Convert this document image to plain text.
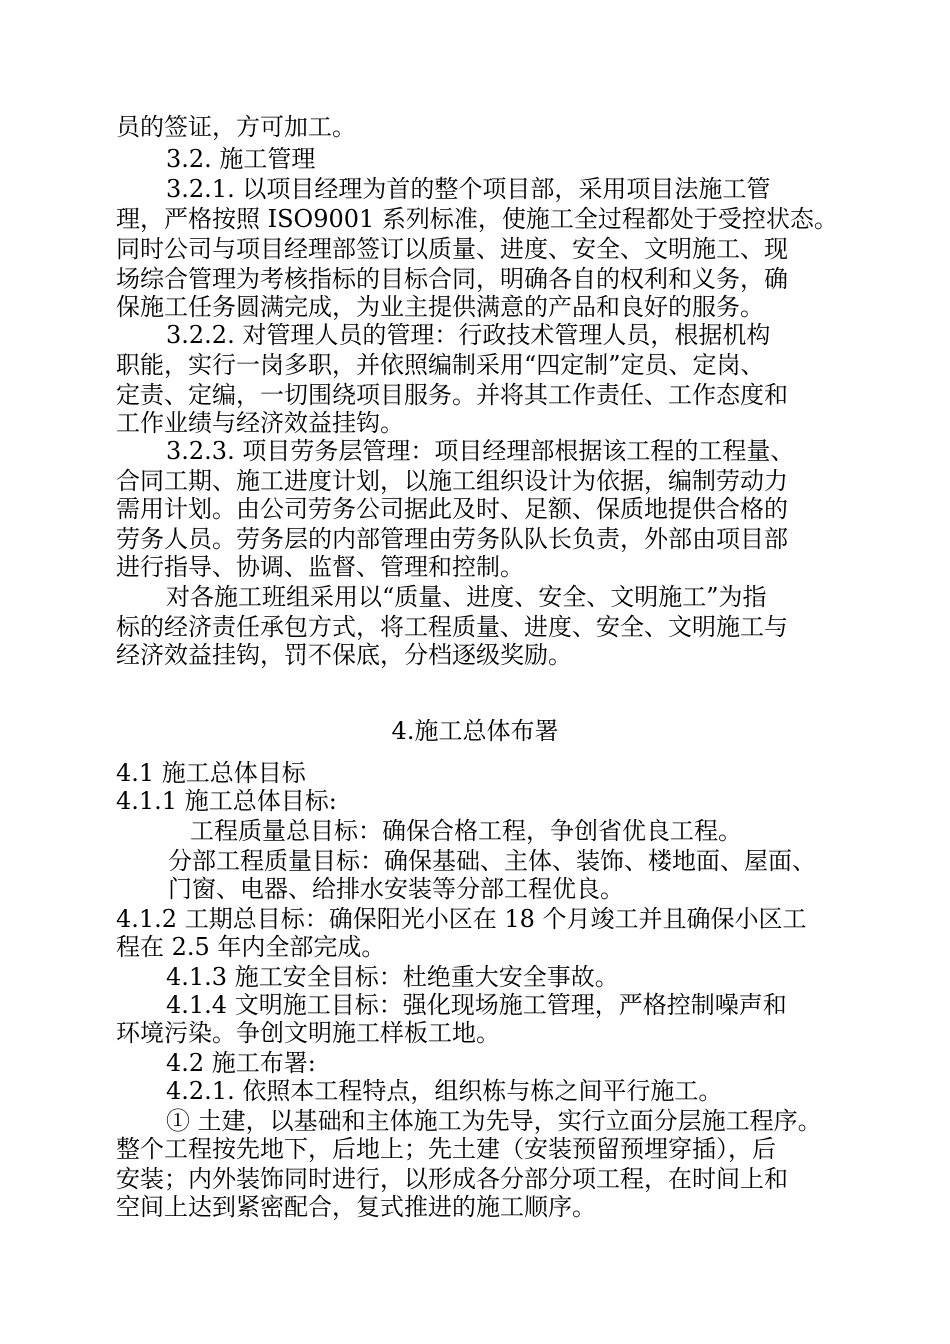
员的签证，方可加工。
3.2. 施工管理
3.2.1. 以项目经理为首的整个项目部，采用项目法施工管
理，严格按照 ISO9001 系列标准，使施工全过程都处于受控状态。
同时公司与项目经理部签订以质量、进度、安全、文明施工、现
场综合管理为考核指标的目标合同，明确各自的权利和义务，确
保施工任务圆满完成，为业主提供满意的产品和良好的服务。
3.2.2. 对管理人员的管理：行政技术管理人员，根据机构
职能，实行一岗多职，并依照编制采用“四定制”定员、定岗、
定责、定编，一切围绕项目服务。并将其工作责任、工作态度和
工作业绩与经济效益挂钩。
3.2.3. 项目劳务层管理：项目经理部根据该工程的工程量、
合同工期、施工进度计划，以施工组织设计为依据，编制劳动力
需用计划。由公司劳务公司据此及时、足额、保质地提供合格的
劳务人员。劳务层的内部管理由劳务队队长负责，外部由项目部
进行指导、协调、监督、管理和控制。
对各施工班组采用以“质量、进度、安全、文明施工”为指
标的经济责任承包方式，将工程质量、进度、安全、文明施工与
经济效益挂钩，罚不保底，分档逐级奖励。
4.施工总体布署
4.1 施工总体目标
4.1.1 施工总体目标:
工程质量总目标：确保合格工程，争创省优良工程。
分部工程质量目标：确保基础、主体、装饰、楼地面、屋面、
门窗、电器、给排水安装等分部工程优良。
4.1.2 工期总目标：确保阳光小区在 18 个月竣工并且确保小区工
程在 2.5 年内全部完成。
4.1.3 施工安全目标：杜绝重大安全事故。
4.1.4 文明施工目标：强化现场施工管理，严格控制噪声和
环境污染。争创文明施工样板工地。
4.2 施工布署:
4.2.1. 依照本工程特点，组织栋与栋之间平行施工。
① 土建，以基础和主体施工为先导，实行立面分层施工程序。
整个工程按先地下，后地上；先土建（安装预留预埋穿插），后
安装；内外装饰同时进行，以形成各分部分项工程，在时间上和
空间上达到紧密配合，复式推进的施工顺序。
